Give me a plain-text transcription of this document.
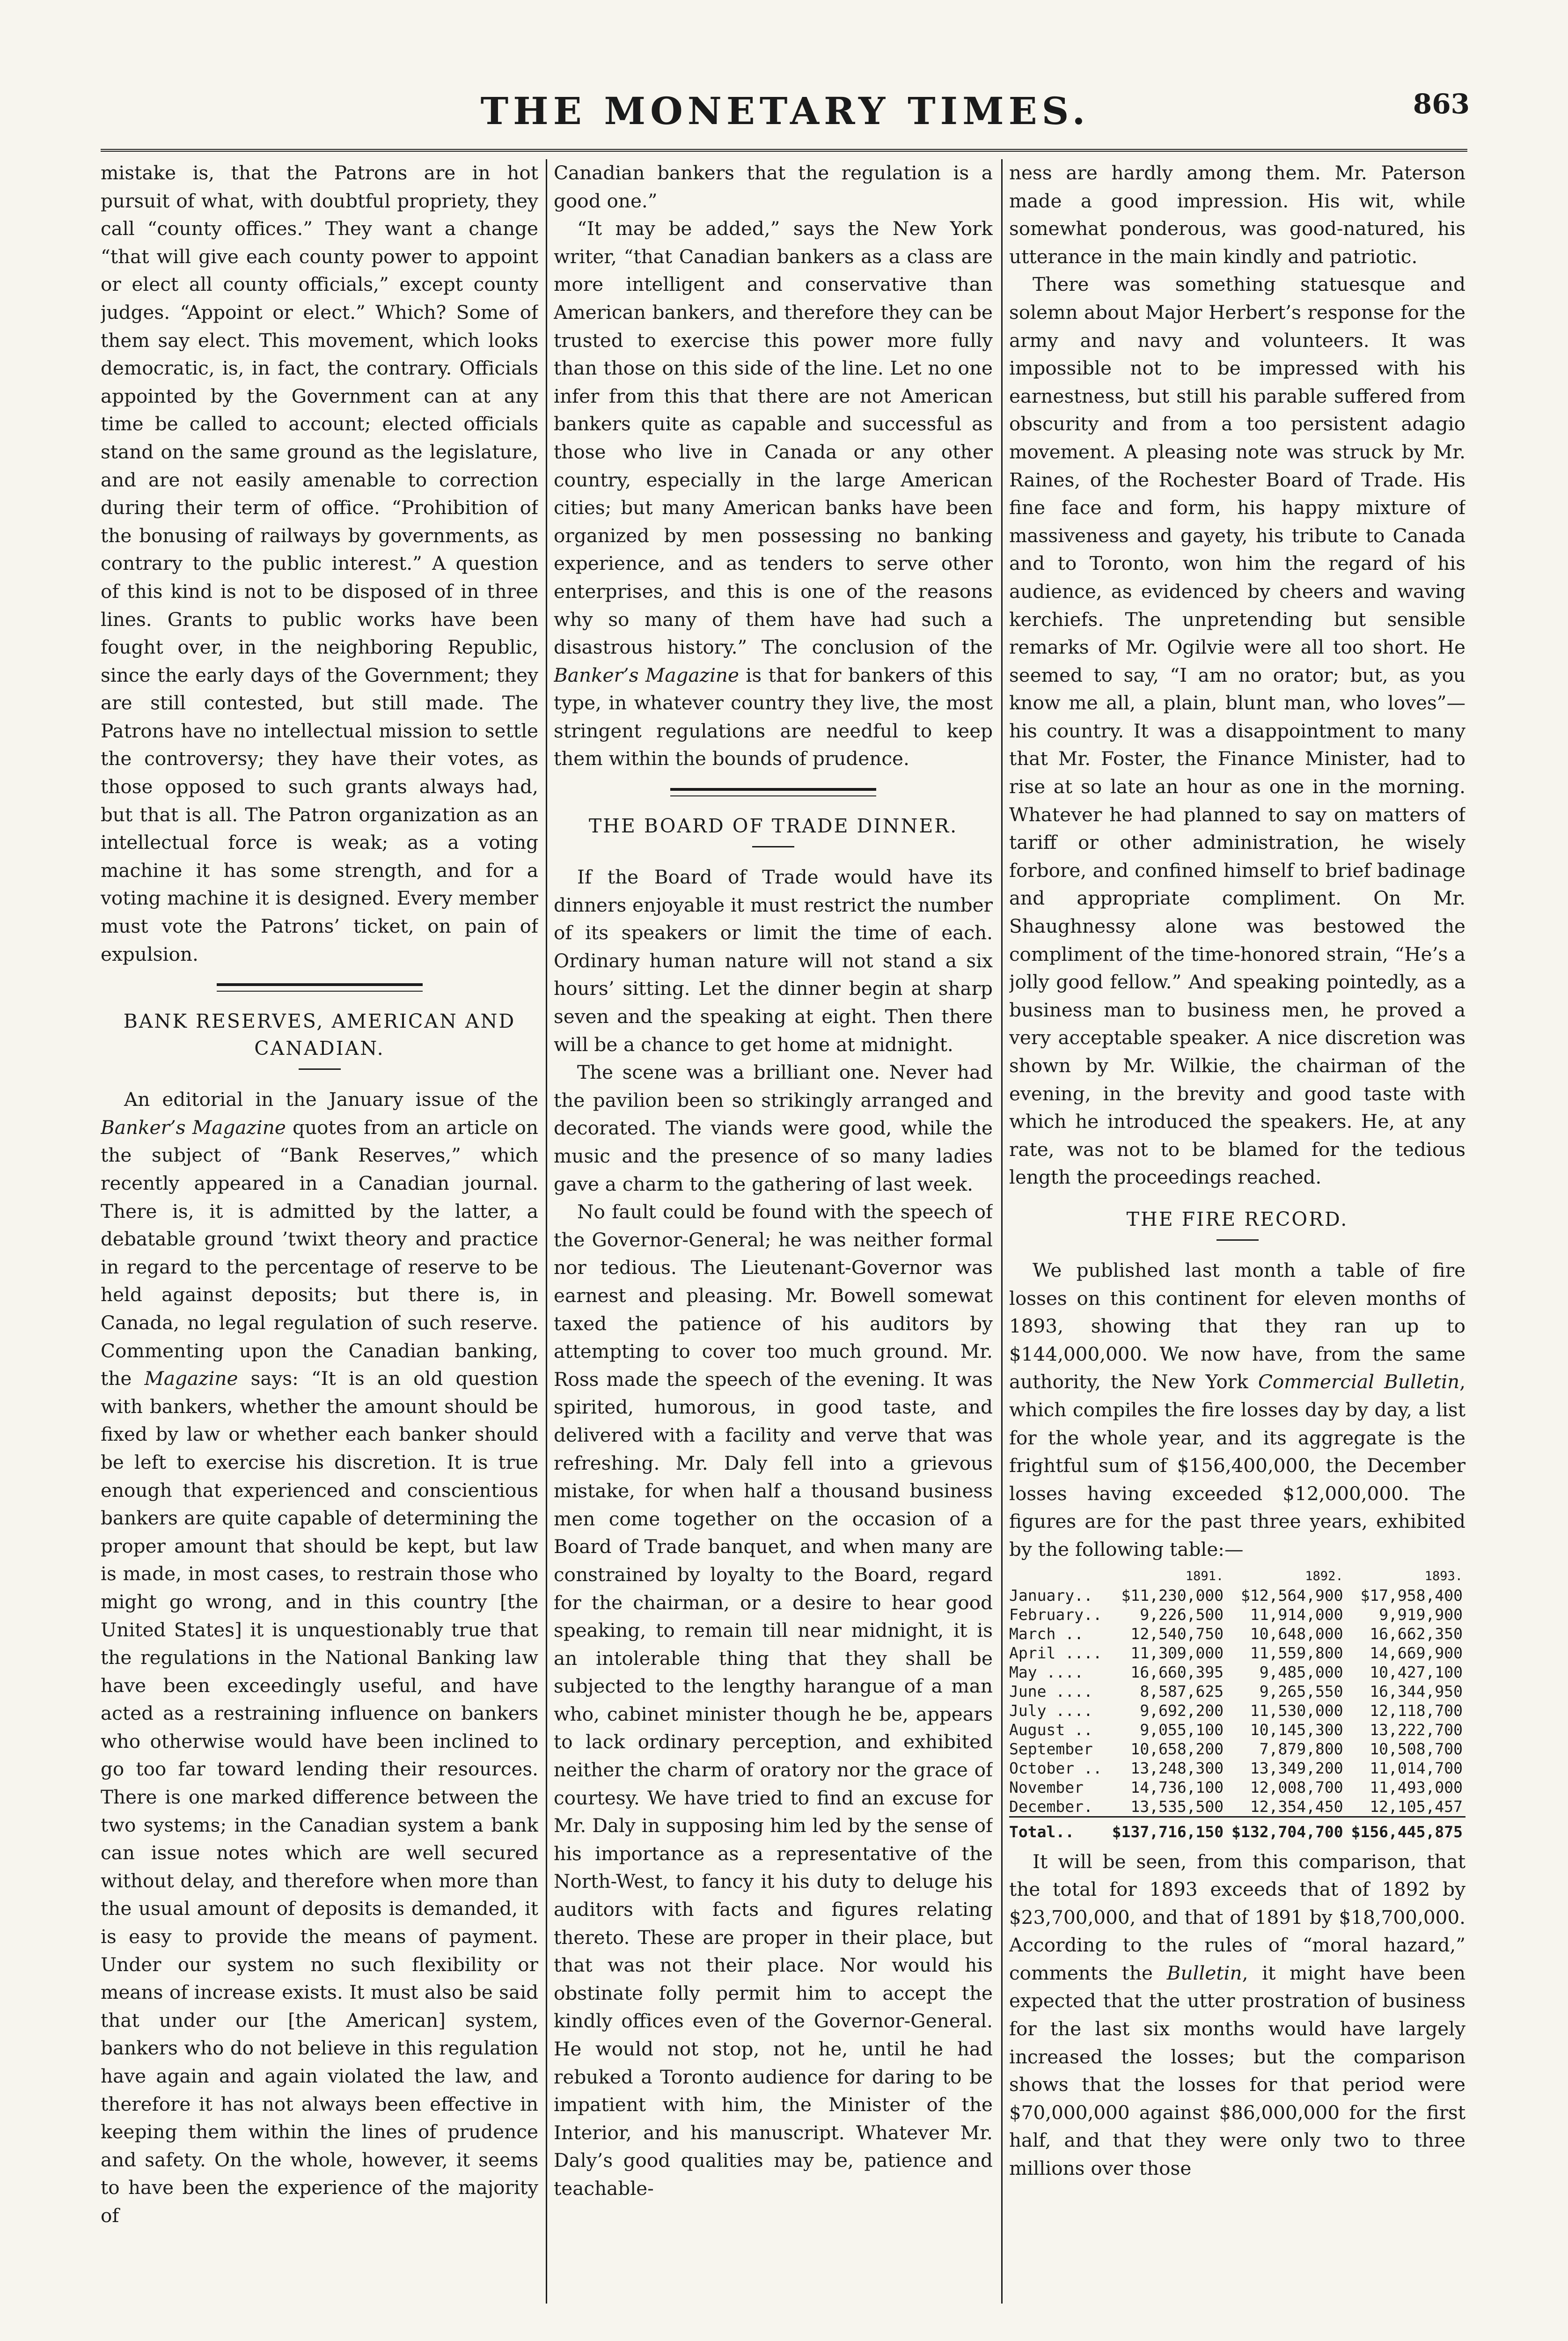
THE MONETARY TIMES.	863

mistake is, that the Patrons are in hot pursuit of what, with doubtful propriety, they call “county offices.” They want a change “that will give each county power to appoint or elect all county officials,” except county judges. “Appoint or elect.” Which? Some of them say elect. This movement, which looks democratic, is, in fact, the contrary. Officials appointed by the Government can at any time be called to account; elected officials stand on the same ground as the legislature, and are not easily amenable to correction during their term of office. “Prohibition of the bonusing of railways by governments, as contrary to the public interest.” A question of this kind is not to be disposed of in three lines. Grants to public works have been fought over, in the neighboring Republic, since the early days of the Government; they are still contested, but still made. The Patrons have no intellectual mission to settle the controversy; they have their votes, as those opposed to such grants always had, but that is all. The Patron organization as an intellectual force is weak; as a voting machine it has some strength, and for a voting machine it is designed. Every member must vote the Patrons’ ticket, on pain of expulsion.

BANK RESERVES, AMERICAN AND CANADIAN.

An editorial in the January issue of the Banker’s Magazine quotes from an article on the subject of “Bank Reserves,” which recently appeared in a Canadian journal. There is, it is admitted by the latter, a debatable ground ’twixt theory and practice in regard to the percentage of reserve to be held against deposits; but there is, in Canada, no legal regulation of such reserve. Commenting upon the Canadian banking, the Magazine says: “It is an old question with bankers, whether the amount should be fixed by law or whether each banker should be left to exercise his discretion. It is true enough that experienced and conscientious bankers are quite capable of determining the proper amount that should be kept, but law is made, in most cases, to restrain those who might go wrong, and in this country [the United States] it is unquestionably true that the regulations in the National Banking law have been exceedingly useful, and have acted as a restraining influence on bankers who otherwise would have been inclined to go too far toward lending their resources. There is one marked difference between the two systems; in the Canadian system a bank can issue notes which are well secured without delay, and therefore when more than the usual amount of deposits is demanded, it is easy to provide the means of payment. Under our system no such flexibility or means of increase exists. It must also be said that under our [the American] system, bankers who do not believe in this regulation have again and again violated the law, and therefore it has not always been effective in keeping them within the lines of prudence and safety. On the whole, however, it seems to have been the experience of the majority of

Canadian bankers that the regulation is a good one.”

“It may be added,” says the New York writer, “that Canadian bankers as a class are more intelligent and conservative than American bankers, and therefore they can be trusted to exercise this power more fully than those on this side of the line. Let no one infer from this that there are not American bankers quite as capable and successful as those who live in Canada or any other country, especially in the large American cities; but many American banks have been organized by men possessing no banking experience, and as tenders to serve other enterprises, and this is one of the reasons why so many of them have had such a disastrous history.” The conclusion of the Banker’s Magazine is that for bankers of this type, in whatever country they live, the most stringent regulations are needful to keep them within the bounds of prudence.

THE BOARD OF TRADE DINNER.

If the Board of Trade would have its dinners enjoyable it must restrict the number of its speakers or limit the time of each. Ordinary human nature will not stand a six hours’ sitting. Let the dinner begin at sharp seven and the speaking at eight. Then there will be a chance to get home at midnight.

The scene was a brilliant one. Never had the pavilion been so strikingly arranged and decorated. The viands were good, while the music and the presence of so many ladies gave a charm to the gathering of last week.

No fault could be found with the speech of the Governor-General; he was neither formal nor tedious. The Lieutenant-Governor was earnest and pleasing. Mr. Bowell somewat taxed the patience of his auditors by attempting to cover too much ground. Mr. Ross made the speech of the evening. It was spirited, humorous, in good taste, and delivered with a facility and verve that was refreshing. Mr. Daly fell into a grievous mistake, for when half a thousand business men come together on the occasion of a Board of Trade banquet, and when many are constrained by loyalty to the Board, regard for the chairman, or a desire to hear good speaking, to remain till near midnight, it is an intolerable thing that they shall be subjected to the lengthy harangue of a man who, cabinet minister though he be, appears to lack ordinary perception, and exhibited neither the charm of oratory nor the grace of courtesy. We have tried to find an excuse for Mr. Daly in supposing him led by the sense of his importance as a representative of the North-West, to fancy it his duty to deluge his auditors with facts and figures relating thereto. These are proper in their place, but that was not their place. Nor would his obstinate folly permit him to accept the kindly offices even of the Governor-General. He would not stop, not he, until he had rebuked a Toronto audience for daring to be impatient with him, the Minister of the Interior, and his manuscript. Whatever Mr. Daly’s good qualities may be, patience and teachable-

ness are hardly among them. Mr. Paterson made a good impression. His wit, while somewhat ponderous, was good-natured, his utterance in the main kindly and patriotic.

There was something statuesque and solemn about Major Herbert’s response for the army and navy and volunteers. It was impossible not to be impressed with his earnestness, but still his parable suffered from obscurity and from a too persistent adagio movement. A pleasing note was struck by Mr. Raines, of the Rochester Board of Trade. His fine face and form, his happy mixture of massiveness and gayety, his tribute to Canada and to Toronto, won him the regard of his audience, as evidenced by cheers and waving kerchiefs. The unpretending but sensible remarks of Mr. Ogilvie were all too short. He seemed to say, “I am no orator; but, as you know me all, a plain, blunt man, who loves”— his country. It was a disappointment to many that Mr. Foster, the Finance Minister, had to rise at so late an hour as one in the morning. Whatever he had planned to say on matters of tariff or other administration, he wisely forbore, and confined himself to brief badinage and appropriate compliment. On Mr. Shaughnessy alone was bestowed the compliment of the time-honored strain, “He’s a jolly good fellow.” And speaking pointedly, as a business man to business men, he proved a very acceptable speaker. A nice discretion was shown by Mr. Wilkie, the chairman of the evening, in the brevity and good taste with which he introduced the speakers. He, at any rate, was not to be blamed for the tedious length the proceedings reached.

THE FIRE RECORD.

We published last month a table of fire losses on this continent for eleven months of 1893, showing that they ran up to $144,000,000. We now have, from the same authority, the New York Commercial Bulletin, which compiles the fire losses day by day, a list for the whole year, and its aggregate is the frightful sum of $156,400,000, the December losses having exceeded $12,000,000. The figures are for the past three years, exhibited by the following table:—

	1891.	1892.	1893.
January..	$11,230,000	$12,564,900	$17,958,400
February..	9,226,500	11,914,000	9,919,900
March ..	12,540,750	10,648,000	16,662,350
April ....	11,309,000	11,559,800	14,669,900
May ....	16,660,395	9,485,000	10,427,100
June ....	8,587,625	9,265,550	16,344,950
July ....	9,692,200	11,530,000	12,118,700
August ..	9,055,100	10,145,300	13,222,700
September	10,658,200	7,879,800	10,508,700
October ..	13,248,300	13,349,200	11,014,700
November	14,736,100	12,008,700	11,493,000
December.	13,535,500	12,354,450	12,105,457
Total..	$137,716,150	$132,704,700	$156,445,875

It will be seen, from this comparison, that the total for 1893 exceeds that of 1892 by $23,700,000, and that of 1891 by $18,700,000. According to the rules of “moral hazard,” comments the Bulletin, it might have been expected that the utter prostration of business for the last six months would have largely increased the losses; but the comparison shows that the losses for that period were $70,000,000 against $86,000,000 for the first half, and that they were only two to three millions over those
